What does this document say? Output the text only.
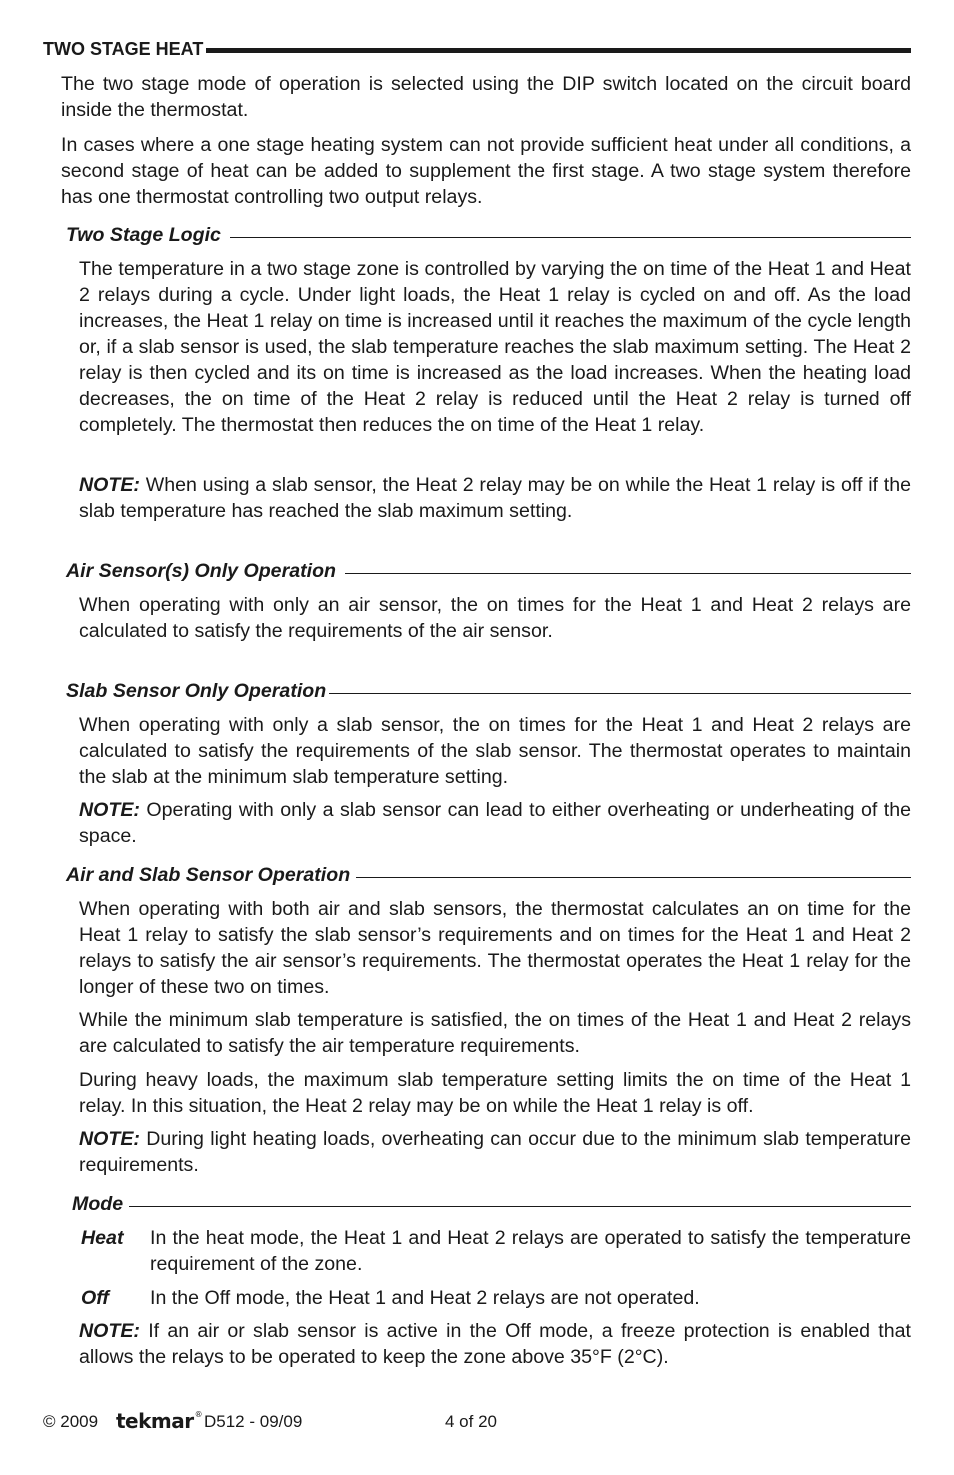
TWO STAGE HEAT

The two stage mode of operation is selected using the DIP switch located on the circuit board inside the thermostat.

In cases where a one stage heating system can not provide sufficient heat under all conditions, a second stage of heat can be added to supplement the first stage. A two stage system therefore has one thermostat controlling two output relays.

Two Stage Logic

The temperature in a two stage zone is controlled by varying the on time of the Heat 1 and Heat 2 relays during a cycle. Under light loads, the Heat 1 relay is cycled on and off. As the load increases, the Heat 1 relay on time is increased until it reaches the maximum of the cycle length or, if a slab sensor is used, the slab temperature reaches the slab maximum setting. The Heat 2 relay is then cycled and its on time is increased as the load increases. When the heating load decreases, the on time of the Heat 2 relay is reduced until the Heat 2 relay is turned off completely. The thermostat then reduces the on time of the Heat 1 relay.

NOTE: When using a slab sensor, the Heat 2 relay may be on while the Heat 1 relay is off if the slab temperature has reached the slab maximum setting.

Air Sensor(s) Only Operation

When operating with only an air sensor, the on times for the Heat 1 and Heat 2 relays are calculated to satisfy the requirements of the air sensor.

Slab Sensor Only Operation

When operating with only a slab sensor, the on times for the Heat 1 and Heat 2 relays are calculated to satisfy the requirements of the slab sensor. The thermostat operates to maintain the slab at the minimum slab temperature setting.

NOTE: Operating with only a slab sensor can lead to either overheating or underheating of the space.

Air and Slab Sensor Operation

When operating with both air and slab sensors, the thermostat calculates an on time for the Heat 1 relay to satisfy the slab sensor’s requirements and on times for the Heat 1 and Heat 2 relays to satisfy the air sensor’s requirements. The thermostat operates the Heat 1 relay for the longer of these two on times.

While the minimum slab temperature is satisfied, the on times of the Heat 1 and Heat 2 relays are calculated to satisfy the air temperature requirements.

During heavy loads, the maximum slab temperature setting limits the on time of the Heat 1 relay. In this situation, the Heat 2 relay may be on while the Heat 1 relay is off.

NOTE: During light heating loads, overheating can occur due to the minimum slab temperature requirements.

Mode
Heat	In the heat mode, the Heat 1 and Heat 2 relays are operated to satisfy the temperature requirement of the zone.
Off	In the Off mode, the Heat 1 and Heat 2 relays are not operated.

NOTE: If an air or slab sensor is active in the Off mode, a freeze protection is enabled that allows the relays to be operated to keep the zone above 35°F (2°C).

© 2009 tekmar® D512 - 09/09	4 of 20
